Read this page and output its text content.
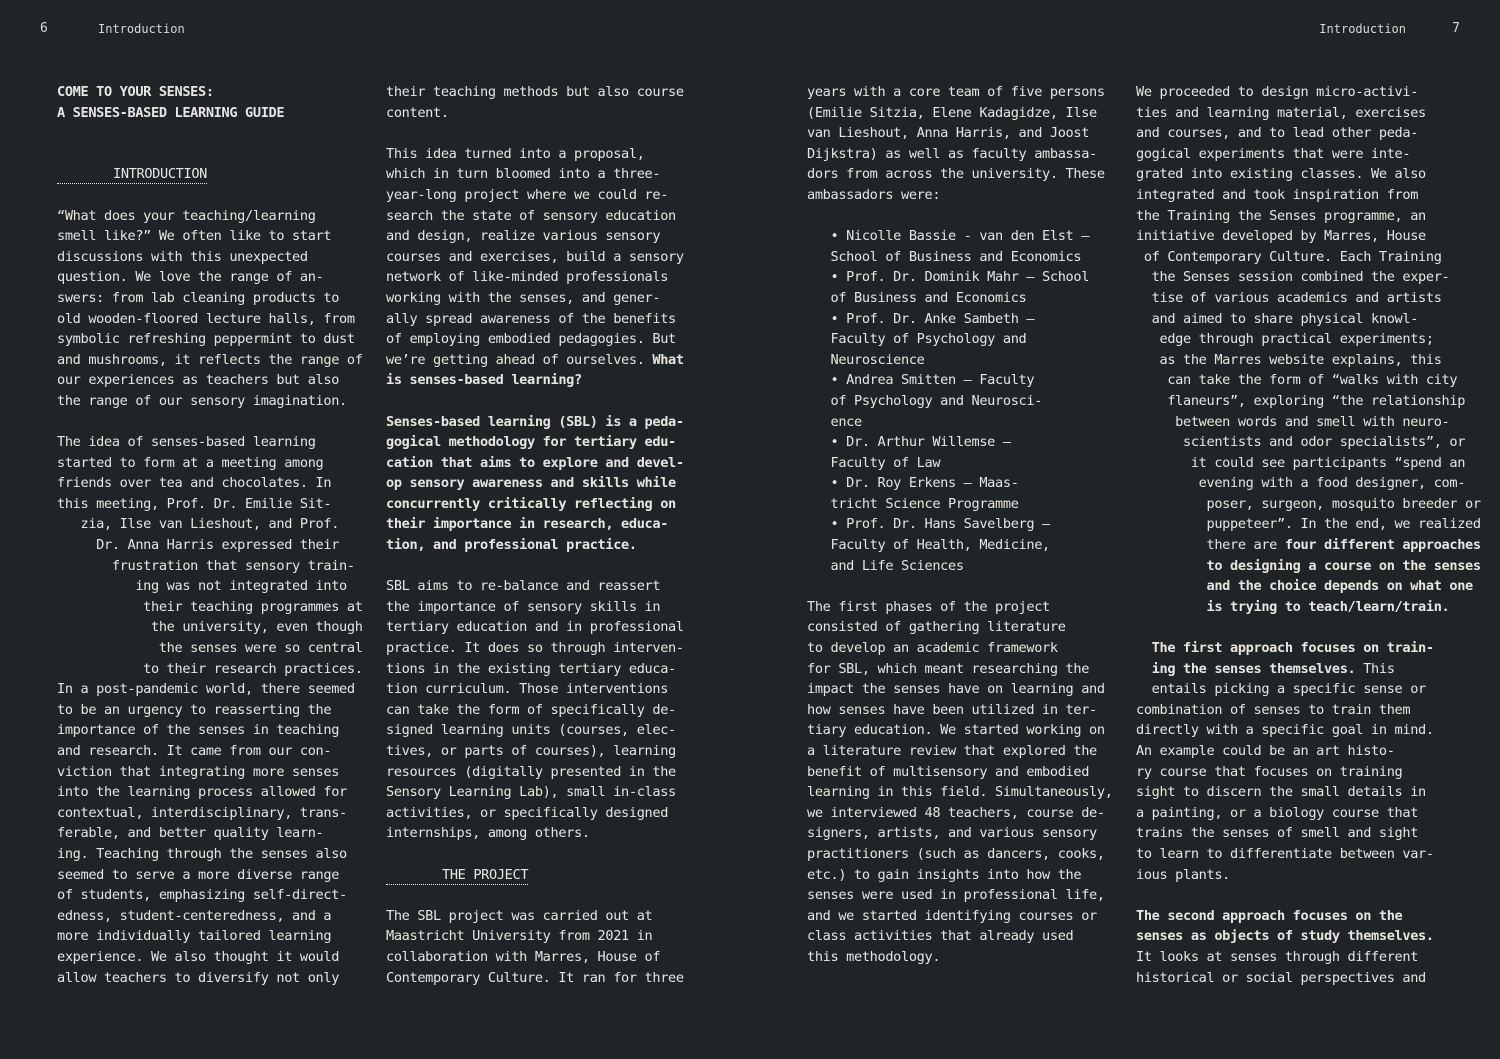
6	Introduction	Introduction	7
COME TO YOUR SENSES:
A SENSES-BASED LEARNING GUIDE
INTRODUCTION
“What does your teaching/learning
smell like?” We often like to start
discussions with this unexpected
question. We love the range of an-
swers: from lab cleaning products to
old wooden-floored lecture halls, from
symbolic refreshing peppermint to dust
and mushrooms, it reflects the range of
our experiences as teachers but also
the range of our sensory imagination.
The idea of senses-based learning
started to form at a meeting among
friends over tea and chocolates. In
this meeting, Prof. Dr. Emilie Sit-
zia, Ilse van Lieshout, and Prof.
Dr. Anna Harris expressed their
frustration that sensory train-
ing was not integrated into
their teaching programmes at
the university, even though
the senses were so central
to their research practices.
In a post-pandemic world, there seemed
to be an urgency to reasserting the
importance of the senses in teaching
and research. It came from our con-
viction that integrating more senses
into the learning process allowed for
contextual, interdisciplinary, trans-
ferable, and better quality learn-
ing. Teaching through the senses also
seemed to serve a more diverse range
of students, emphasizing self-direct-
edness, student-centeredness, and a
more individually tailored learning
experience. We also thought it would
allow teachers to diversify not only
their teaching methods but also course
content.
This idea turned into a proposal,
which in turn bloomed into a three-
year-long project where we could re-
search the state of sensory education
and design, realize various sensory
courses and exercises, build a sensory
network of like-minded professionals
working with the senses, and gener-
ally spread awareness of the benefits
of employing embodied pedagogies. But
we’re getting ahead of ourselves. What
is senses-based learning?
Senses-based learning (SBL) is a peda-
gogical methodology for tertiary edu-
cation that aims to explore and devel-
op sensory awareness and skills while
concurrently critically reflecting on
their importance in research, educa-
tion, and professional practice.
SBL aims to re-balance and reassert
the importance of sensory skills in
tertiary education and in professional
practice. It does so through interven-
tions in the existing tertiary educa-
tion curriculum. Those interventions
can take the form of specifically de-
signed learning units (courses, elec-
tives, or parts of courses), learning
resources (digitally presented in the
Sensory Learning Lab), small in-class
activities, or specifically designed
internships, among others.
THE PROJECT
The SBL project was carried out at
Maastricht University from 2021 in
collaboration with Marres, House of
Contemporary Culture. It ran for three
years with a core team of five persons
(Emilie Sitzia, Elene Kadagidze, Ilse
van Lieshout, Anna Harris, and Joost
Dijkstra) as well as faculty ambassa-
dors from across the university. These
ambassadors were:
• Nicolle Bassie - van den Elst –
School of Business and Economics
• Prof. Dr. Dominik Mahr – School
of Business and Economics
• Prof. Dr. Anke Sambeth –
Faculty of Psychology and
Neuroscience
• Andrea Smitten – Faculty
of Psychology and Neurosci-
ence
• Dr. Arthur Willemse –
Faculty of Law
• Dr. Roy Erkens – Maas-
tricht Science Programme
• Prof. Dr. Hans Savelberg –
Faculty of Health, Medicine,
and Life Sciences
The first phases of the project
consisted of gathering literature
to develop an academic framework
for SBL, which meant researching the
impact the senses have on learning and
how senses have been utilized in ter-
tiary education. We started working on
a literature review that explored the
benefit of multisensory and embodied
learning in this field. Simultaneously,
we interviewed 48 teachers, course de-
signers, artists, and various sensory
practitioners (such as dancers, cooks,
etc.) to gain insights into how the
senses were used in professional life,
and we started identifying courses or
class activities that already used
this methodology.
We proceeded to design micro-activi-
ties and learning material, exercises
and courses, and to lead other peda-
gogical experiments that were inte-
grated into existing classes. We also
integrated and took inspiration from
the Training the Senses programme, an
initiative developed by Marres, House
of Contemporary Culture. Each Training
the Senses session combined the exper-
tise of various academics and artists
and aimed to share physical knowl-
edge through practical experiments;
as the Marres website explains, this
can take the form of “walks with city
flaneurs”, exploring “the relationship
between words and smell with neuro-
scientists and odor specialists”, or
it could see participants “spend an
evening with a food designer, com-
poser, surgeon, mosquito breeder or
puppeteer”. In the end, we realized
there are four different approaches
to designing a course on the senses
and the choice depends on what one
is trying to teach/learn/train.
The first approach focuses on train-
ing the senses themselves. This
entails picking a specific sense or
combination of senses to train them
directly with a specific goal in mind.
An example could be an art histo-
ry course that focuses on training
sight to discern the small details in
a painting, or a biology course that
trains the senses of smell and sight
to learn to differentiate between var-
ious plants.
The second approach focuses on the
senses as objects of study themselves.
It looks at senses through different
historical or social perspectives and
